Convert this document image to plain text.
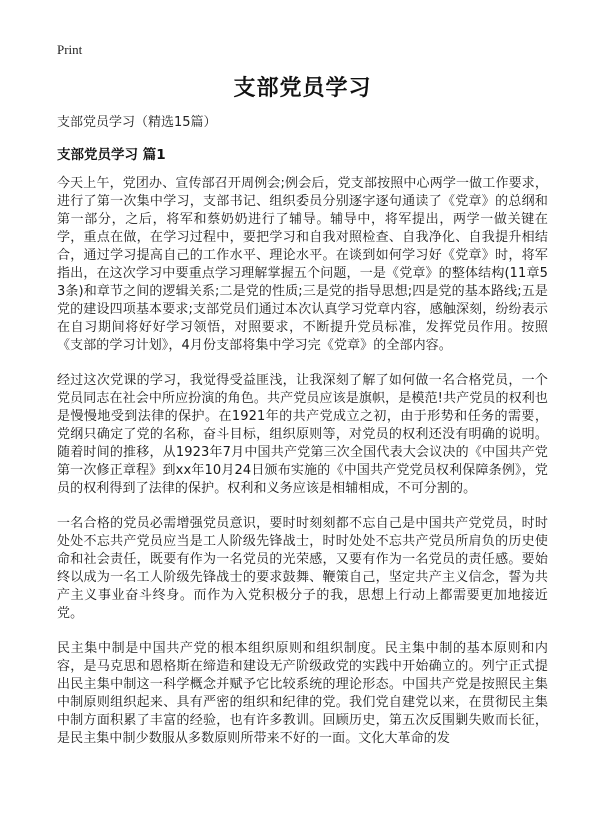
Print
支部党员学习
支部党员学习（精选15篇）
支部党员学习 篇1

今天上午，党团办、宣传部召开周例会;例会后，党支部按照中心两学一做工作要求，进行了第一次集中学习，支部书记、组织委员分别逐字逐句通读了《党章》的总纲和第一部分，之后，将军和蔡奶奶进行了辅导。辅导中，将军提出，两学一做关键在学，重点在做，在学习过程中，要把学习和自我对照检查、自我净化、自我提升相结合，通过学习提高自己的工作水平、理论水平。在谈到如何学习好《党章》时，将军指出，在这次学习中要重点学习理解掌握五个问题，一是《党章》的整体结构(11章53条)和章节之间的逻辑关系;二是党的性质;三是党的指导思想;四是党的基本路线;五是党的建设四项基本要求;支部党员们通过本次认真学习党章内容，感触深刻，纷纷表示在自习期间将好好学习领悟，对照要求，不断提升党员标准，发挥党员作用。按照《支部的学习计划》，4月份支部将集中学习完《党章》的全部内容。

经过这次党课的学习，我觉得受益匪浅，让我深刻了解了如何做一名合格党员，一个党员同志在社会中所应扮演的角色。共产党员应该是旗帜，是模范!共产党员的权利也是慢慢地受到法律的保护。在1921年的共产党成立之初，由于形势和任务的需要，党纲只确定了党的名称，奋斗目标，组织原则等，对党员的权利还没有明确的说明。随着时间的推移，从1923年7月中国共产党第三次全国代表大会议决的《中国共产党第一次修正章程》到xx年10月24日颁布实施的《中国共产党党员权利保障条例》，党员的权利得到了法律的保护。权利和义务应该是相辅相成，不可分割的。

一名合格的党员必需增强党员意识，要时时刻刻都不忘自己是中国共产党党员，时时处处不忘共产党员应当是工人阶级先锋战士，时时处处不忘共产党员所肩负的历史使命和社会责任，既要有作为一名党员的光荣感，又要有作为一名党员的责任感。要始终以成为一名工人阶级先锋战士的要求鼓舞、鞭策自己，坚定共产主义信念，誓为共产主义事业奋斗终身。而作为入党积极分子的我，思想上行动上都需要更加地接近党。

民主集中制是中国共产党的根本组织原则和组织制度。民主集中制的基本原则和内容，是马克思和恩格斯在缔造和建设无产阶级政党的实践中开始确立的。列宁正式提出民主集中制这一科学概念并赋予它比较系统的理论形态。中国共产党是按照民主集中制原则组织起来、具有严密的组织和纪律的党。我们党自建党以来，在贯彻民主集中制方面积累了丰富的经验，也有许多教训。回顾历史，第五次反围剿失败而长征，是民主集中制少数服从多数原则所带来不好的一面。文化大革命的发
